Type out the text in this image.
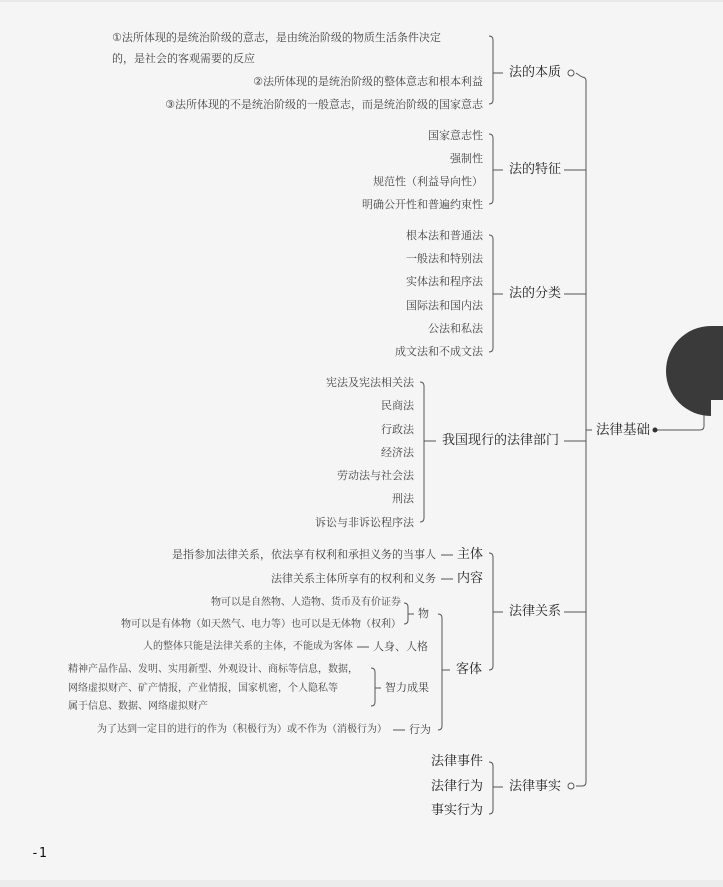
①法所体现的是统治阶级的意志，是由统治阶级的物质生活条件决定
的，是社会的客观需要的反应
②法所体现的是统治阶级的整体意志和根本利益
③法所体现的不是统治阶级的一般意志，而是统治阶级的国家意志
法的本质
国家意志性
强制性
规范性（利益导向性）
明确公开性和普遍约束性
法的特征
根本法和普通法
一般法和特别法
实体法和程序法
国际法和国内法
公法和私法
成文法和不成文法
法的分类
宪法及宪法相关法
民商法
行政法
经济法
劳动法与社会法
刑法
诉讼与非诉讼程序法
我国现行的法律部门
是指参加法律关系，依法享有权利和承担义务的当事人 主体
法律关系主体所享有的权利和义务 内容
法律关系
物可以是自然物、人造物、货币及有价证券
物可以是有体物（如天然气、电力等）也可以是无体物（权利）
物
人的整体只能是法律关系的主体，不能成为客体 人身、人格
精神产品作品、发明、实用新型、外观设计、商标等信息，数据，
网络虚拟财产、矿产情报，产业情报，国家机密，个人隐私等
属于信息、数据、网络虚拟财产
智力成果
为了达到一定目的进行的作为（积极行为）或不作为（消极行为） 行为
客体
法律事件
法律行为
事实行为
法律事实
法律基础
-1
